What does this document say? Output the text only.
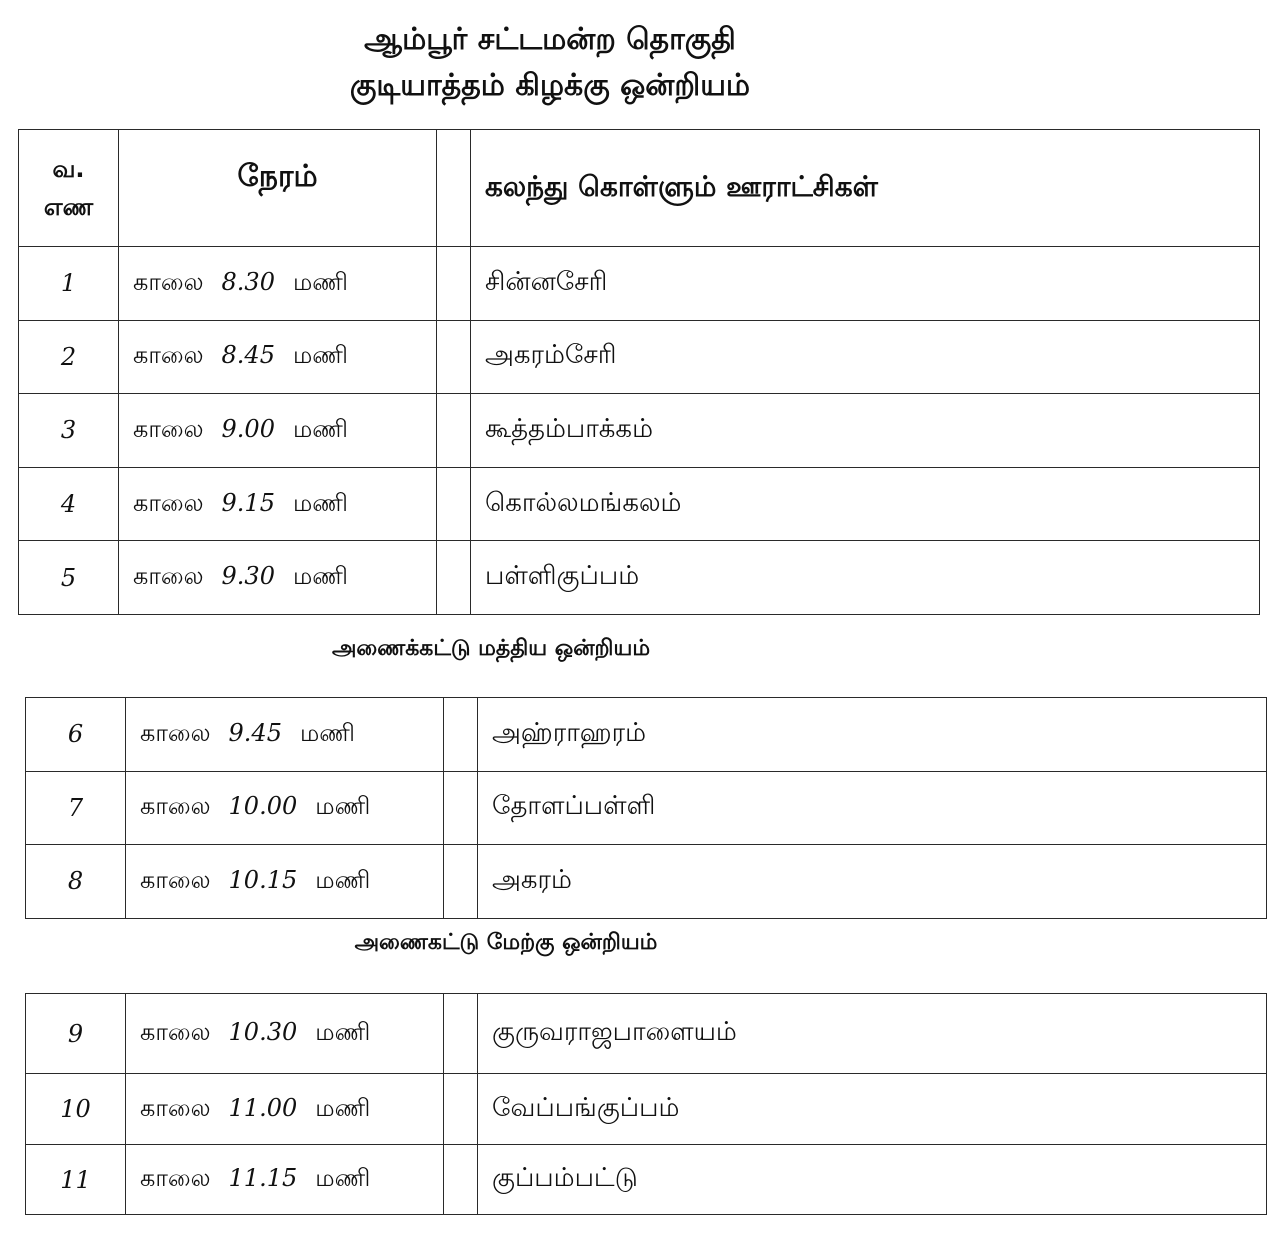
ஆம்பூர் சட்டமன்ற தொகுதி
குடியாத்தம் கிழக்கு ஒன்றியம்
வ.
எண	நேரம்		கலந்து கொள்ளும் ஊராட்சிகள்
1	காலை 8.30 மணி		சின்னசேரி
2	காலை 8.45 மணி		அகரம்சேரி
3	காலை 9.00 மணி		கூத்தம்பாக்கம்
4	காலை 9.15 மணி		கொல்லமங்கலம்
5	காலை 9.30 மணி		பள்ளிகுப்பம்
அணைக்கட்டு மத்திய ஒன்றியம்
6	காலை 9.45 மணி		அஹ்ராஹரம்
7	காலை 10.00 மணி		தோளப்பள்ளி
8	காலை 10.15 மணி		அகரம்
அணைகட்டு மேற்கு ஒன்றியம்
9	காலை 10.30 மணி		குருவராஜபாளையம்
10	காலை 11.00 மணி		வேப்பங்குப்பம்
11	காலை 11.15 மணி		குப்பம்பட்டு
